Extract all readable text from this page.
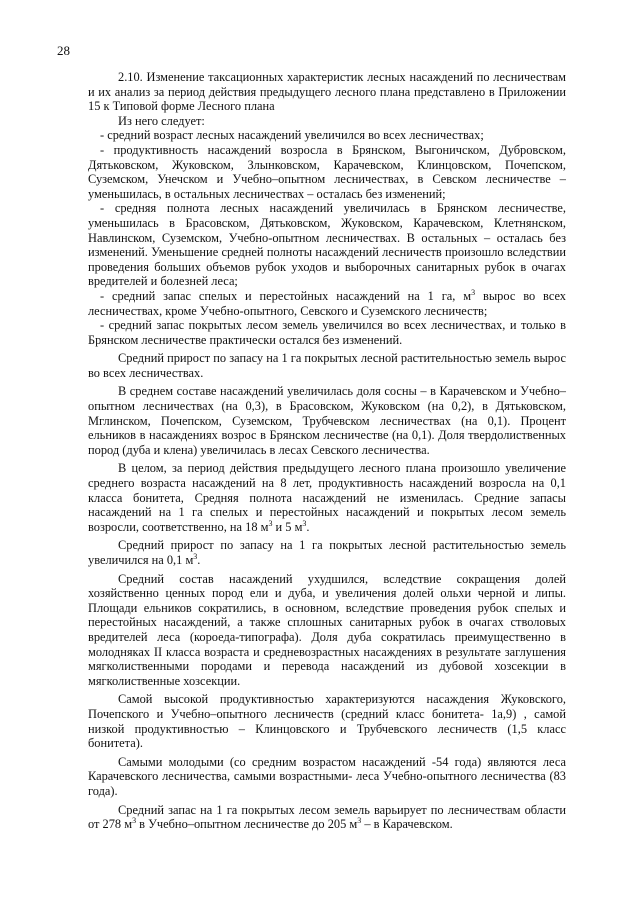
28

2.10. Изменение таксационных характеристик лесных насаждений по лесничествам и их анализ за период действия предыдущего лесного плана представлено в Приложении 15 к Типовой форме Лесного плана

Из него следует:

- средний возраст лесных насаждений увеличился во всех лесничествах;

- продуктивность насаждений возросла в Брянском, Выгоничском, Дубровском, Дятьковском, Жуковском, Злынковском, Карачевском, Клинцовском, Почепском, Суземском, Унечском и Учебно–опытном лесничествах, в Севском лесничестве – уменьшилась, в остальных лесничествах – осталась без изменений;

- средняя полнота лесных насаждений увеличилась в Брянском лесничестве, уменьшилась в Брасовском, Дятьковском, Жуковском, Карачевском, Клетнянском, Навлинском, Суземском, Учебно-опытном лесничествах. В остальных – осталась без изменений. Уменьшение средней полноты насаждений лесничеств произошло вследствии проведения больших объемов рубок уходов и выборочных санитарных рубок в очагах вредителей и болезней леса;

- средний запас спелых и перестойных насаждений на 1 га, $м^3$ вырос во всех лесничествах, кроме Учебно-опытного, Севского и Суземского лесничеств;

- средний запас покрытых лесом земель увеличился во всех лесничествах, и только в Брянском лесничестве практически остался без изменений.

Средний прирост по запасу на 1 га покрытых лесной растительностью земель вырос во всех лесничествах.

В среднем составе насаждений увеличилась доля сосны – в Карачевском и Учебно–опытном лесничествах (на 0,3), в Брасовском, Жуковском (на 0,2), в Дятьковском, Мглинском, Почепском, Суземском, Трубчевском лесничествах (на 0,1). Процент ельников в насаждениях возрос в Брянском лесничестве (на 0,1). Доля твердолиственных пород (дуба и клена) увеличилась в лесах Севского лесничества.

В целом, за период действия предыдущего лесного плана произошло увеличение среднего возраста насаждений на 8 лет, продуктивность насаждений возросла на 0,1 класса бонитета, Средняя полнота насаждений не изменилась. Средние запасы насаждений на 1 га спелых и перестойных насаждений и покрытых лесом земель возросли, соответственно, на 18 $м^3$ и 5 $м^3$.

Средний прирост по запасу на 1 га покрытых лесной растительностью земель увеличился на 0,1 $м^3$.

Средний состав насаждений ухудшился, вследствие сокращения долей хозяйственно ценных пород ели и дуба, и увеличения долей ольхи черной и липы. Площади ельников сократились, в основном, вследствие проведения рубок спелых и перестойных насаждений, а также сплошных санитарных рубок в очагах стволовых вредителей леса (короеда-типографа). Доля дуба сократилась преимущественно в молодняках II класса возраста и средневозрастных насаждениях в результате заглушения мягколиственными породами и перевода насаждений из дубовой хозсекции в мягколиственные хозсекции.

Самой высокой продуктивностью характеризуются насаждения Жуковского, Почепского и Учебно–опытного лесничеств (средний класс бонитета- 1а,9) , самой низкой продуктивностью – Клинцовского и Трубчевского лесничеств (1,5 класс бонитета).

Самыми молодыми (со средним возрастом насаждений -54 года) являются леса Карачевского лесничества, самыми возрастными- леса Учебно-опытного лесничества (83 года).

Средний запас на 1 га покрытых лесом земель варьирует по лесничествам области от 278 $м^3$ в Учебно–опытном лесничестве до 205 $м^3$ – в Карачевском.
